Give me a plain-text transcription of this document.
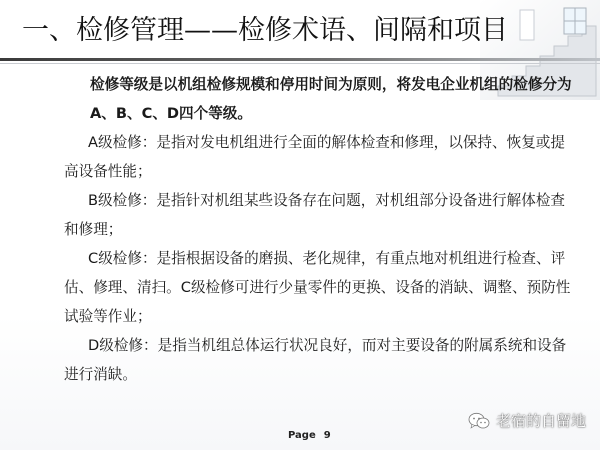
一、检修管理——检修术语、间隔和项目

检修等级是以机组检修规模和停用时间为原则，将发电企业机组的检修分为A、B、C、D四个等级。

A级检修：是指对发电机组进行全面的解体检查和修理，以保持、恢复或提高设备性能；

B级检修：是指针对机组某些设备存在问题，对机组部分设备进行解体检查和修理；

C级检修：是指根据设备的磨损、老化规律，有重点地对机组进行检查、评估、修理、清扫。C级检修可进行少量零件的更换、设备的消缺、调整、预防性试验等作业；

D级检修：是指当机组总体运行状况良好，而对主要设备的附属系统和设备进行消缺。

Page 9
老宿的自留地
